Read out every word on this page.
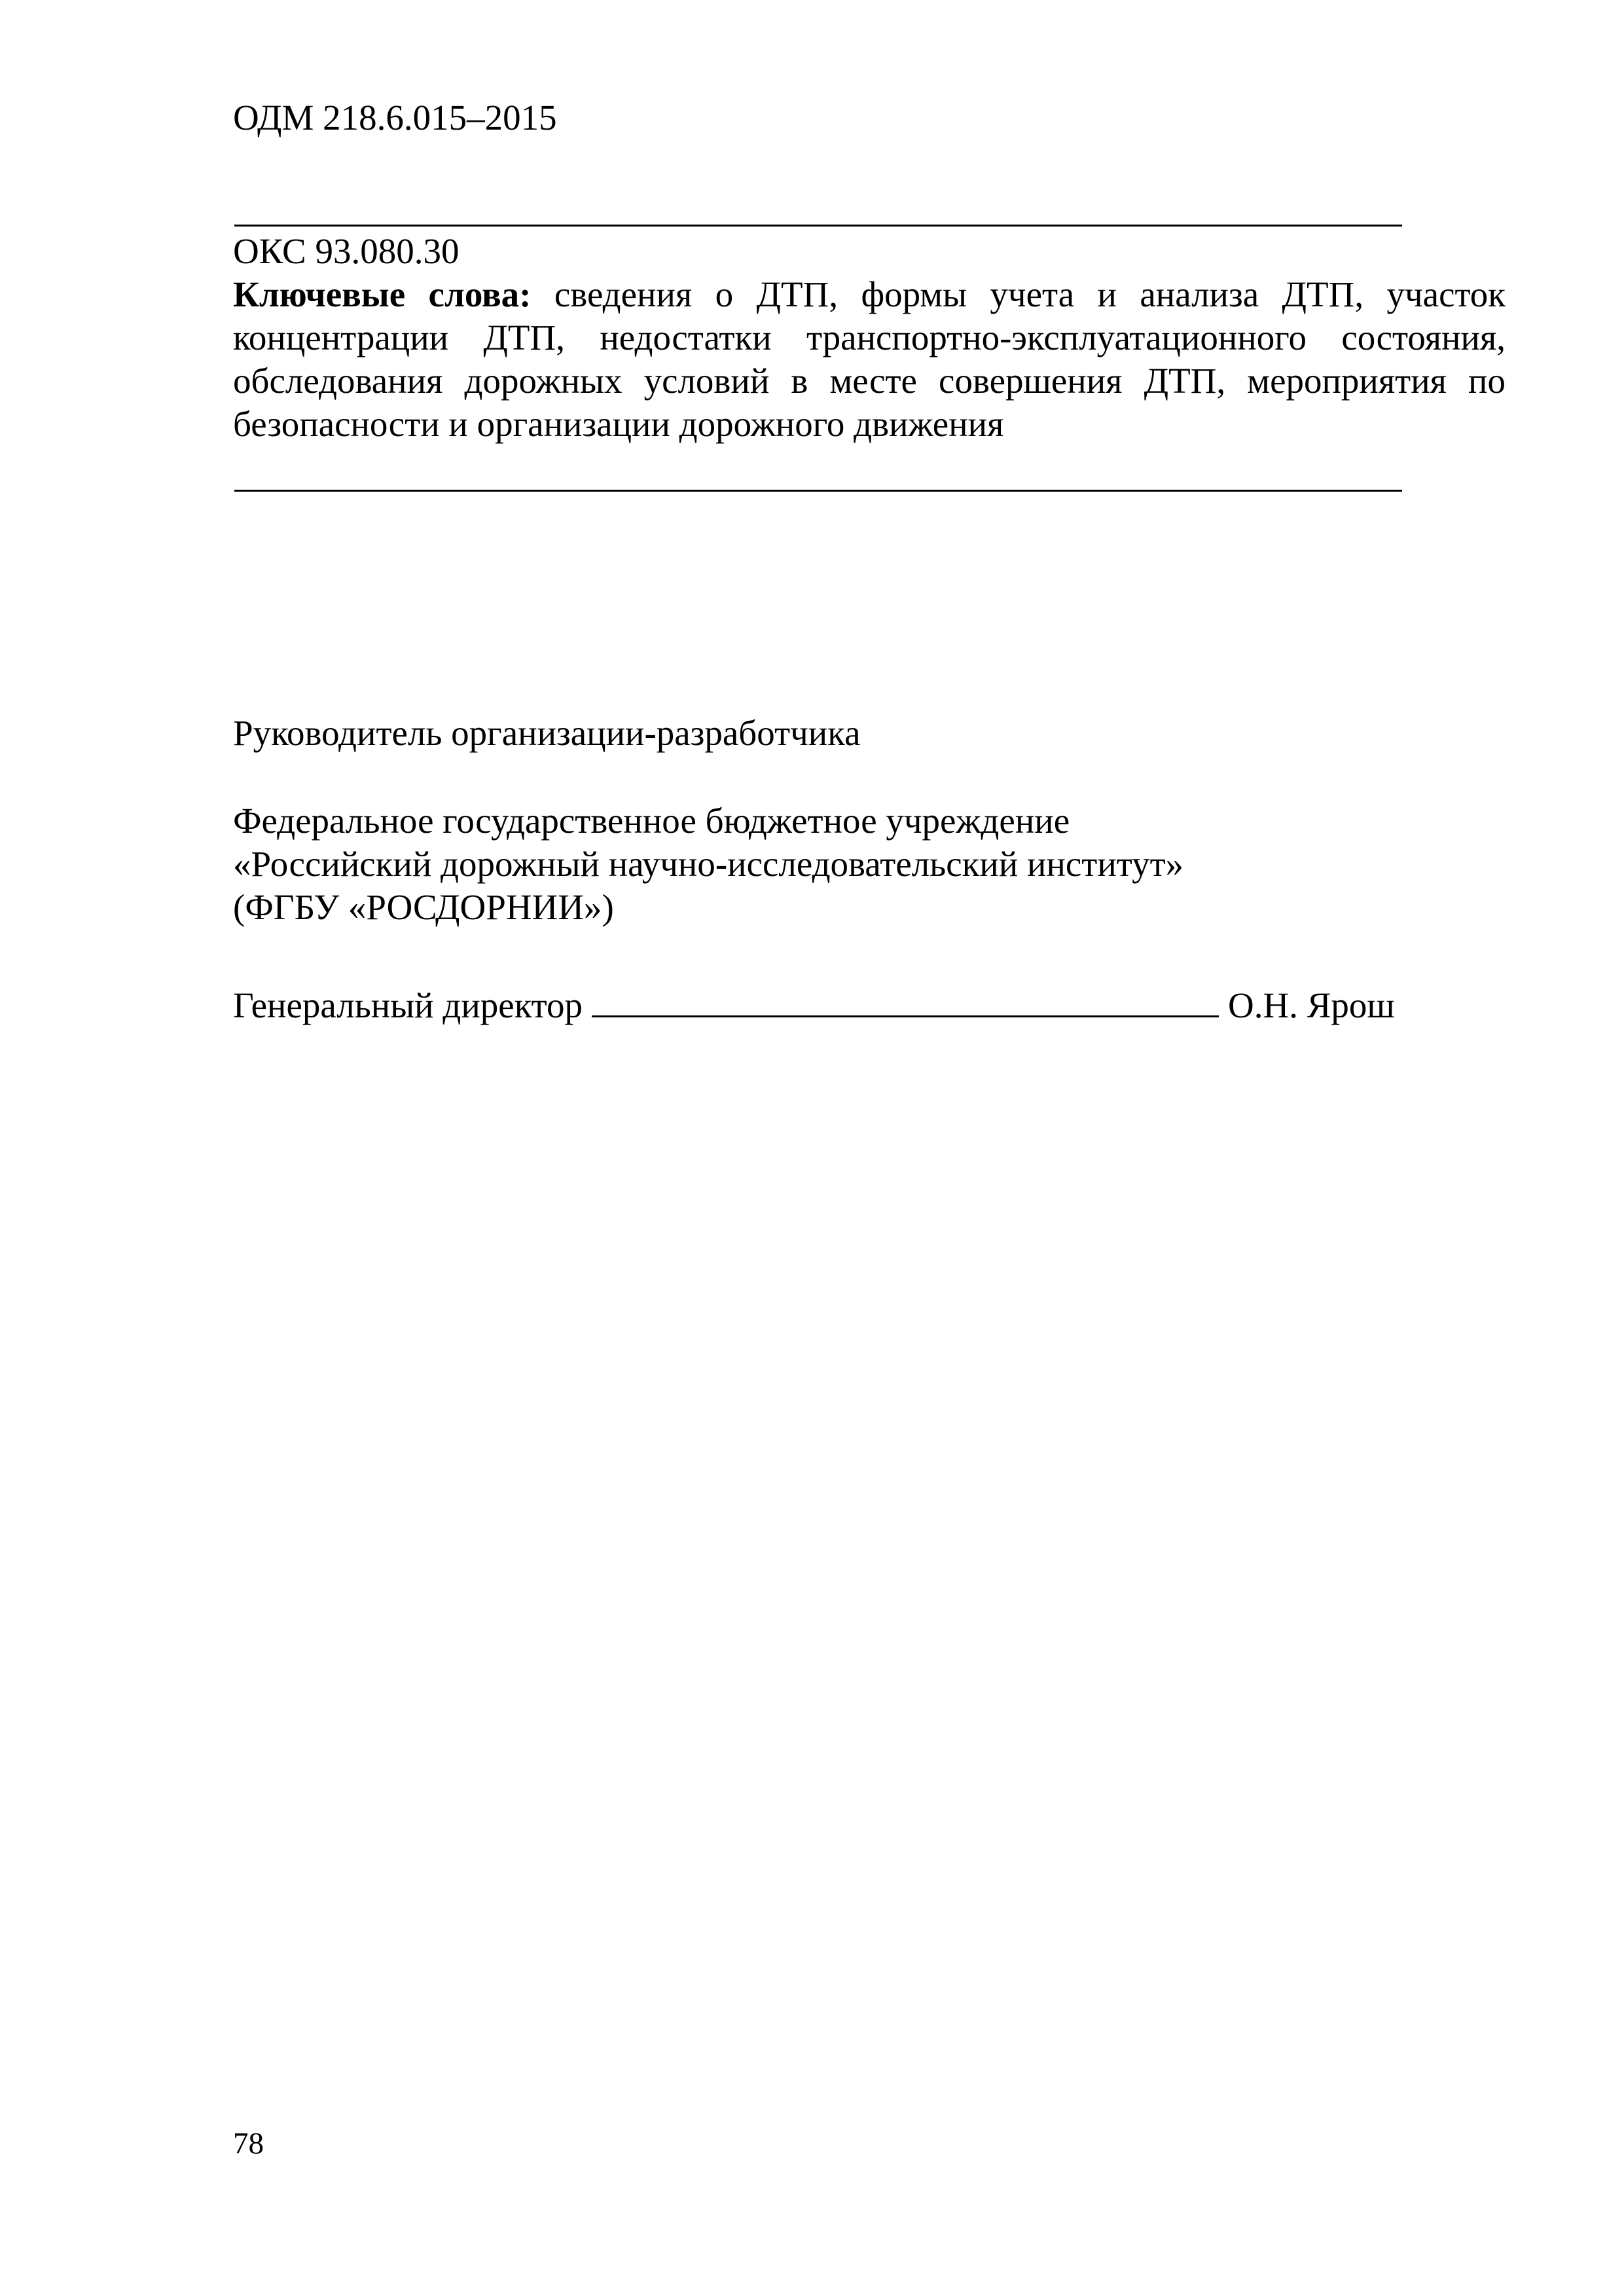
ОДМ 218.6.015–2015
ОКС 93.080.30
Ключевые слова: сведения о ДТП, формы учета и анализа ДТП, участок концентрации ДТП, недостатки транспортно-эксплуатационного состояния, обследования дорожных условий в месте совершения ДТП, мероприятия по безопасности и организации дорожного движения
Руководитель организации-разработчика
Федеральное государственное бюджетное учреждение
«Российский дорожный научно-исследовательский институт»
(ФГБУ «РОСДОРНИИ»)
Генеральный директор	О.Н. Ярош
78
